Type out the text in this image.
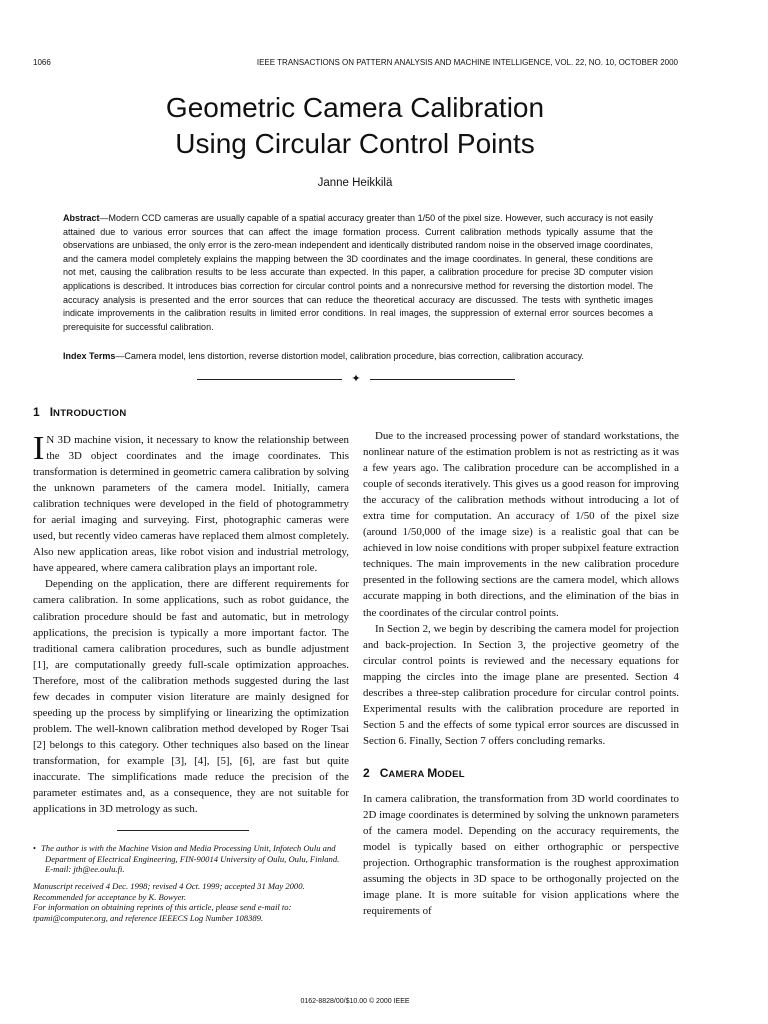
1066	IEEE TRANSACTIONS ON PATTERN ANALYSIS AND MACHINE INTELLIGENCE, VOL. 22, NO. 10, OCTOBER 2000
Geometric Camera Calibration
Using Circular Control Points
Janne Heikkilä

Abstract—Modern CCD cameras are usually capable of a spatial accuracy greater than 1/50 of the pixel size. However, such accuracy is not easily attained due to various error sources that can affect the image formation process. Current calibration methods typically assume that the observations are unbiased, the only error is the zero-mean independent and identically distributed random noise in the observed image coordinates, and the camera model completely explains the mapping between the 3D coordinates and the image coordinates. In general, these conditions are not met, causing the calibration results to be less accurate than expected. In this paper, a calibration procedure for precise 3D computer vision applications is described. It introduces bias correction for circular control points and a nonrecursive method for reversing the distortion model. The accuracy analysis is presented and the error sources that can reduce the theoretical accuracy are discussed. The tests with synthetic images indicate improvements in the calibration results in limited error conditions. In real images, the suppression of external error sources becomes a prerequisite for successful calibration.

Index Terms—Camera model, lens distortion, reverse distortion model, calibration procedure, bias correction, calibration accuracy.

✦
1 INTRODUCTION

I N 3D machine vision, it necessary to know the relationship between the 3D object coordinates and the image coordinates. This transformation is determined in geometric camera calibration by solving the unknown parameters of the camera model. Initially, camera calibration techniques were developed in the field of photogrammetry for aerial imaging and surveying. First, photographic cameras were used, but recently video cameras have replaced them almost completely. Also new application areas, like robot vision and industrial metrology, have appeared, where camera calibration plays an important role.

Depending on the application, there are different requirements for camera calibration. In some applications, such as robot guidance, the calibration procedure should be fast and automatic, but in metrology applications, the precision is typically a more important factor. The traditional camera calibration procedures, such as bundle adjustment [1], are computationally greedy full-scale optimization approaches. Therefore, most of the calibration methods suggested during the last few decades in computer vision literature are mainly designed for speeding up the process by simplifying or linearizing the optimization problem. The well-known calibration method developed by Roger Tsai [2] belongs to this category. Other techniques also based on the linear transformation, for example [3], [4], [5], [6], are fast but quite inaccurate. The simplifications made reduce the precision of the parameter estimates and, as a consequence, they are not suitable for applications in 3D metrology as such.

• The author is with the Machine Vision and Media Processing Unit, Infotech Oulu and Department of Electrical Engineering, FIN-90014 University of Oulu, Oulu, Finland. E-mail: jth@ee.oulu.fi.

Manuscript received 4 Dec. 1998; revised 4 Oct. 1999; accepted 31 May 2000.

Recommended for acceptance by K. Bowyer.

For information on obtaining reprints of this article, please send e-mail to: tpami@computer.org, and reference IEEECS Log Number 108389.

Due to the increased processing power of standard workstations, the nonlinear nature of the estimation problem is not as restricting as it was a few years ago. The calibration procedure can be accomplished in a couple of seconds iteratively. This gives us a good reason for improving the accuracy of the calibration methods without introducing a lot of extra time for computation. An accuracy of 1/50 of the pixel size (around 1/50,000 of the image size) is a realistic goal that can be achieved in low noise conditions with proper subpixel feature extraction techniques. The main improvements in the new calibration procedure presented in the following sections are the camera model, which allows accurate mapping in both directions, and the elimination of the bias in the coordinates of the circular control points.

In Section 2, we begin by describing the camera model for projection and back-projection. In Section 3, the projective geometry of the circular control points is reviewed and the necessary equations for mapping the circles into the image plane are presented. Section 4 describes a three-step calibration procedure for circular control points. Experimental results with the calibration procedure are reported in Section 5 and the effects of some typical error sources are discussed in Section 6. Finally, Section 7 offers concluding remarks.

2 CAMERA MODEL

In camera calibration, the transformation from 3D world coordinates to 2D image coordinates is determined by solving the unknown parameters of the camera model. Depending on the accuracy requirements, the model is typically based on either orthographic or perspective projection. Orthographic transformation is the roughest approximation assuming the objects in 3D space to be orthogonally projected on the image plane. It is more suitable for vision applications where the requirements of

0162-8828/00/$10.00 © 2000 IEEE
